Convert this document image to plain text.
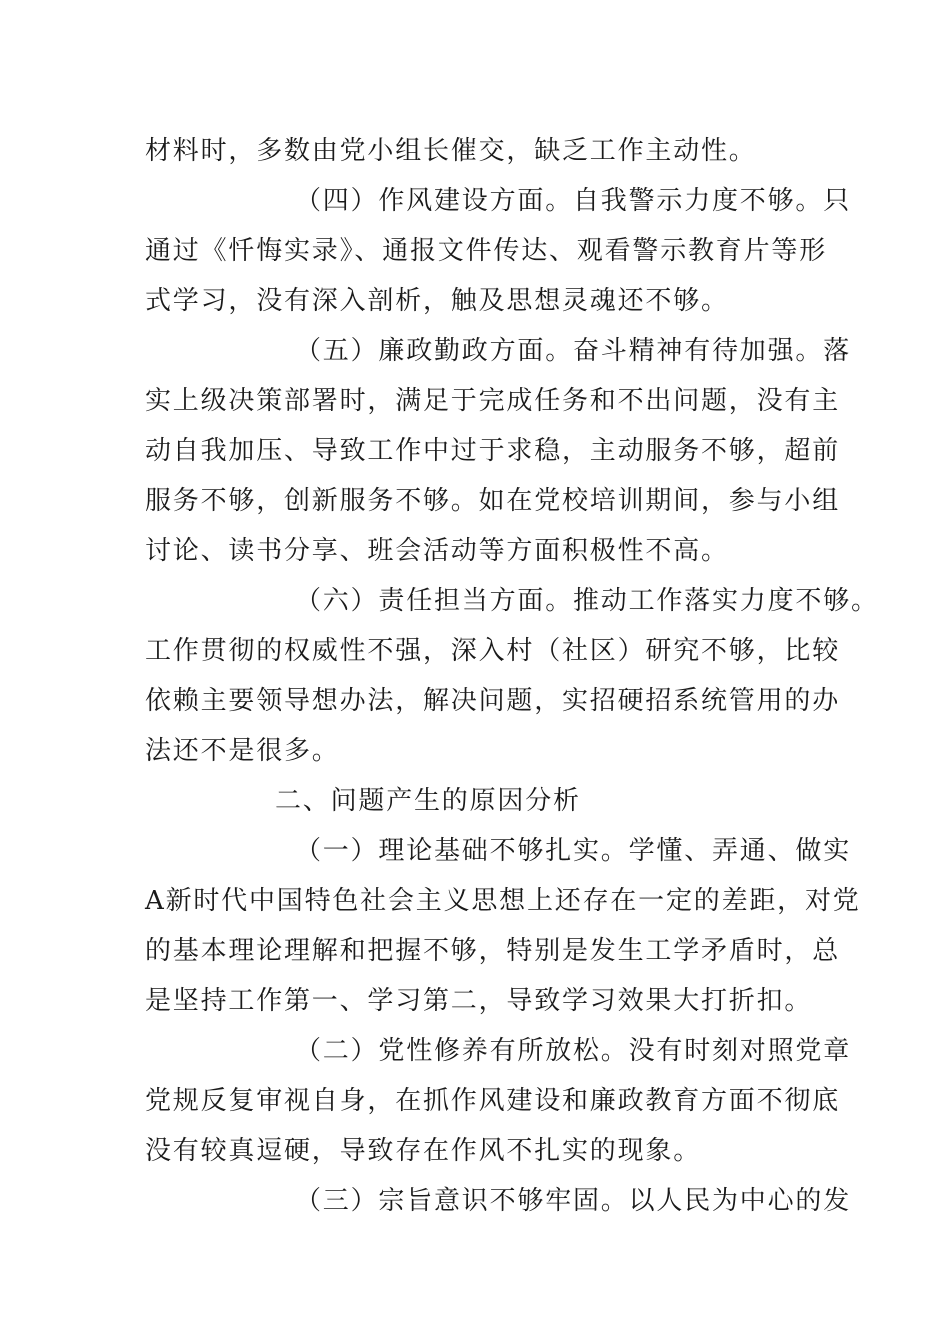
材料时，多数由党小组长催交，缺乏工作主动性。
（四）作风建设方面。自我警示力度不够。只
通过《忏悔实录》、通报文件传达、观看警示教育片等形
式学习，没有深入剖析，触及思想灵魂还不够。
（五）廉政勤政方面。奋斗精神有待加强。落
实上级决策部署时，满足于完成任务和不出问题，没有主
动自我加压、导致工作中过于求稳，主动服务不够，超前
服务不够，创新服务不够。如在党校培训期间，参与小组
讨论、读书分享、班会活动等方面积极性不高。
（六）责任担当方面。推动工作落实力度不够。
工作贯彻的权威性不强，深入村（社区）研究不够，比较
依赖主要领导想办法，解决问题，实招硬招系统管用的办
法还不是很多。
二、问题产生的原因分析
（一）理论基础不够扎实。学懂、弄通、做实
A新时代中国特色社会主义思想上还存在一定的差距，对党
的基本理论理解和把握不够，特别是发生工学矛盾时，总
是坚持工作第一、学习第二，导致学习效果大打折扣。
（二）党性修养有所放松。没有时刻对照党章
党规反复审视自身，在抓作风建设和廉政教育方面不彻底
没有较真逗硬，导致存在作风不扎实的现象。
（三）宗旨意识不够牢固。以人民为中心的发
